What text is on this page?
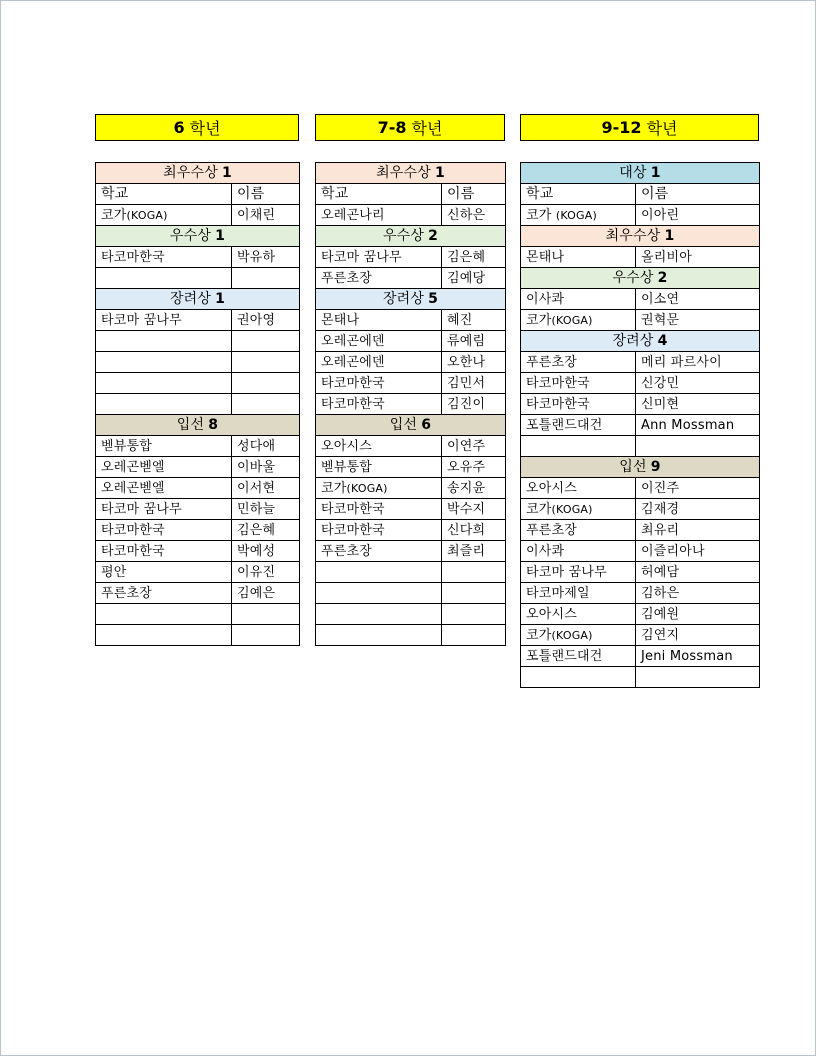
6 학년	7-8 학년	9-12 학년
최우수상 1	
학교	이름
코가(KOGA)	이채린
우수상 1	
타코마한국	박유하

장려상 1	
타코마 꿈나무	권아영

입선 8	
벧뷰통합	성다애
오레곤벧엘	이바울
오레곤벧엘	이서현
타코마 꿈나무	민하늘
타코마한국	김은혜
타코마한국	박예성
평안	이유진
푸른초장	김예은

최우수상 1	
학교	이름
오레곤나리	신하은
우수상 2	
타코마 꿈나무	김은혜
푸른초장	김예당
장려상 5	
몬태나	혜진
오레곤에덴	류예림
오레곤에덴	오한나
타코마한국	김민서
타코마한국	김진이
입선 6	
오아시스	이연주
벧뷰통합	오유주
코가(KOGA)	송지윤
타코마한국	박수지
타코마한국	신다희
푸른초장	최즐리

대상 1	
학교	이름
코가 (KOGA)	이아린
최우수상 1	
몬태나	올리비아
우수상 2	
이사콰	이소연
코가(KOGA)	권혁문
장려상 4	
푸른초장	메리 파르사이
타코마한국	신강민
타코마한국	신미현
포틀랜드대건	Ann Mossman

입선 9	
오아시스	이진주
코가(KOGA)	김재경
푸른초장	최유리
이사콰	이즐리아나
타코마 꿈나무	허예담
타코마제일	김하은
오아시스	김예원
코가(KOGA)	김연지
포틀랜드대건	Jeni Mossman
